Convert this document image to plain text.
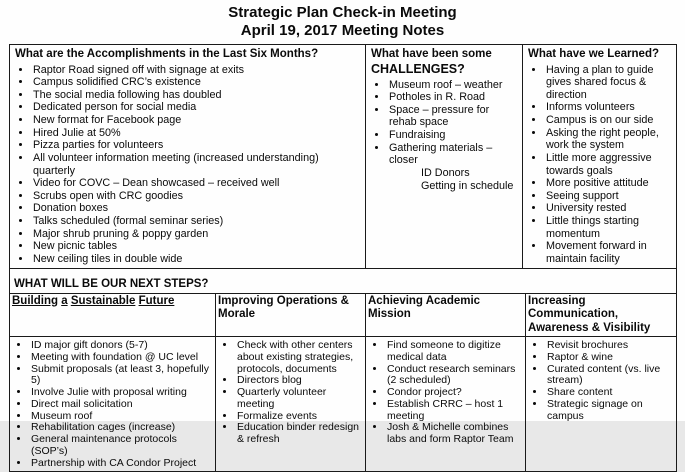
Strategic Plan Check-in Meeting
April 19, 2017 Meeting Notes
What are the Accomplishments in the Last Six Months?
• Raptor Road signed off with signage at exits
• Campus solidified CRC’s existence
• The social media following has doubled
• Dedicated person for social media
• New format for Facebook page
• Hired Julie at 50%
• Pizza parties for volunteers
• All volunteer information meeting (increased understanding) quarterly
• Video for COVC – Dean showcased – received well
• Scrubs open with CRC goodies
• Donation boxes
• Talks scheduled (formal seminar series)
• Major shrub pruning & poppy garden
• New picnic tables
• New ceiling tiles in double wide

What have been some
CHALLENGES?
• Museum roof – weather
• Potholes in R. Road
• Space – pressure for rehab space
• Fundraising
• Gathering materials – closer
ID Donors
Getting in schedule

What have we Learned?
• Having a plan to guide gives shared focus & direction
• Informs volunteers
• Campus is on our side
• Asking the right people, work the system
• Little more aggressive towards goals
• More positive attitude
• Seeing support
• University rested
• Little things starting momentum
• Movement forward in maintain facility
WHAT WILL BE OUR NEXT STEPS?			
Building a Sustainable Future	Improving Operations & Morale	Achieving Academic Mission	Increasing Communication, Awareness & Visibility

• ID major gift donors (5-7)
• Meeting with foundation @ UC level
• Submit proposals (at least 3, hopefully 5)
• Involve Julie with proposal writing
• Direct mail solicitation
• Museum roof
• Rehabilitation cages (increase)
• General maintenance protocols (SOP’s)
• Partnership with CA Condor Project

• Check with other centers about existing strategies, protocols, documents
• Directors blog
• Quarterly volunteer meeting
• Formalize events
• Education binder redesign & refresh

• Find someone to digitize medical data
• Conduct research seminars (2 scheduled)
• Condor project?
• Establish CRRC – host 1 meeting
• Josh & Michelle combines labs and form Raptor Team

• Revisit brochures
• Raptor & wine
• Curated content (vs. live stream)
• Share content
• Strategic signage on campus
